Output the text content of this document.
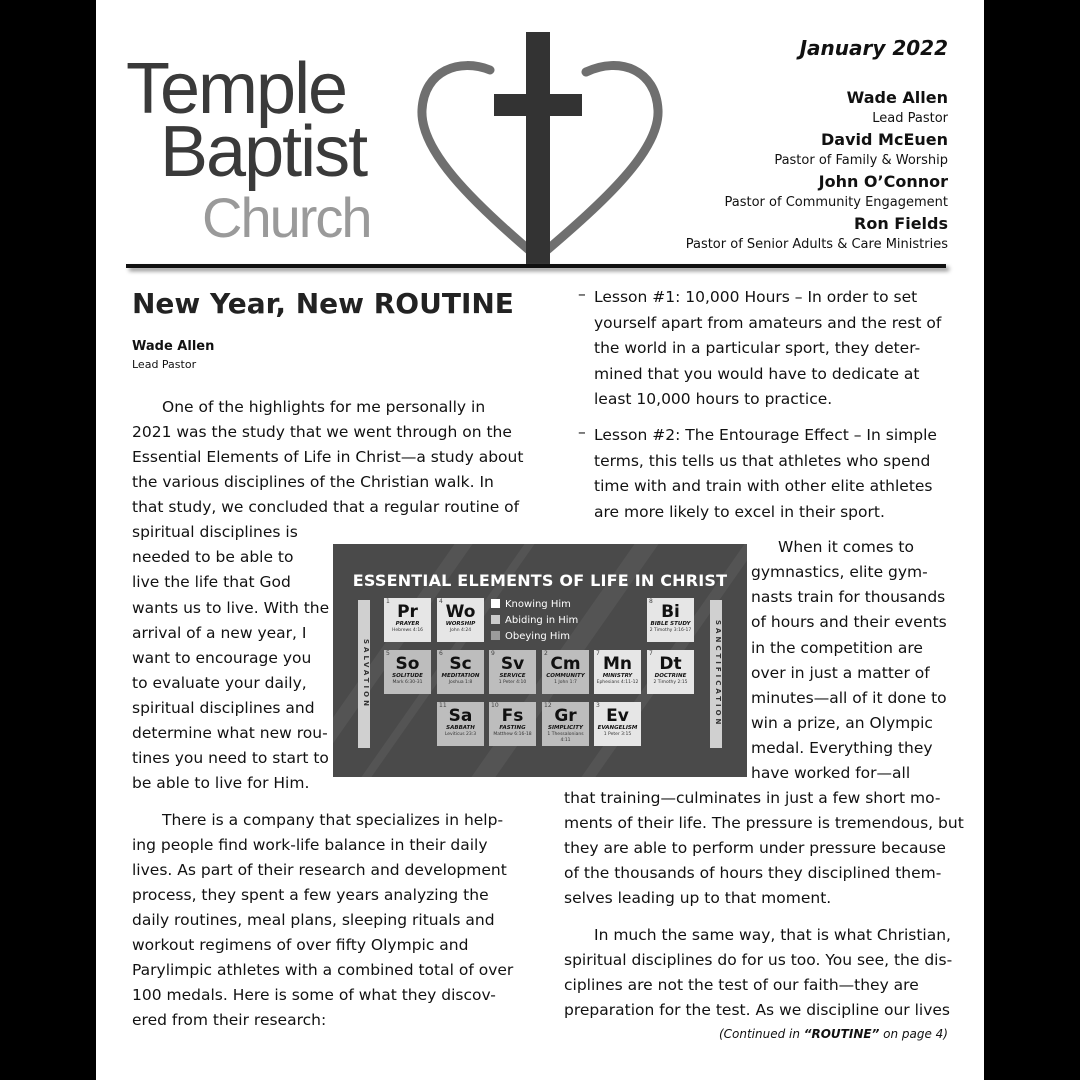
Temple
Baptist
Church
January 2022
Wade Allen
Lead Pastor
David McEuen
Pastor of Family & Worship
John O’Connor
Pastor of Community Engagement
Ron Fields
Pastor of Senior Adults & Care Ministries
New Year, New ROUTINE
Wade Allen
Lead Pastor
One of the highlights for me personally in
2021 was the study that we went through on the
Essential Elements of Life in Christ—a study about
the various disciplines of the Christian walk. In
that study, we concluded that a regular routine of
spiritual disciplines is
needed to be able to
live the life that God
wants us to live. With the
arrival of a new year, I
want to encourage you
to evaluate your daily,
spiritual disciplines and
determine what new rou-
tines you need to start to
be able to live for Him.
There is a company that specializes in help-
ing people find work-life balance in their daily
lives. As part of their research and development
process, they spent a few years analyzing the
daily routines, meal plans, sleeping rituals and
workout regimens of over fifty Olympic and
Parylimpic athletes with a combined total of over
100 medals. Here is some of what they discov-
ered from their research:
– Lesson #1: 10,000 Hours – In order to set
yourself apart from amateurs and the rest of
the world in a particular sport, they deter-
mined that you would have to dedicate at
least 10,000 hours to practice.
– Lesson #2: The Entourage Effect – In simple
terms, this tells us that athletes who spend
time with and train with other elite athletes
are more likely to excel in their sport.
When it comes to
gymnastics, elite gym-
nasts train for thousands
of hours and their events
in the competition are
over in just a matter of
minutes—all of it done to
win a prize, an Olympic
medal. Everything they
have worked for—all
that training—culminates in just a few short mo-
ments of their life. The pressure is tremendous, but
they are able to perform under pressure because
of the thousands of hours they disciplined them-
selves leading up to that moment.
In much the same way, that is what Christian,
spiritual disciplines do for us too. You see, the dis-
ciplines are not the test of our faith—they are
preparation for the test. As we discipline our lives
(Continued in “ROUTINE” on page 4)
ESSENTIAL ELEMENTS OF LIFE IN CHRIST
SALVATION	SANCTIFICATION
Knowing Him
Abiding in Him
Obeying Him
1
Pr
PRAYER
Hebrews 4:16
4
Wo
WORSHIP
John 4:24
8
Bi
BIBLE STUDY
2 Timothy 3:16-17
5
So
SOLITUDE
Mark 6:30-31
6
Sc
MEDITATION
Joshua 1:8
9
Sv
SERVICE
1 Peter 4:10
2
Cm
COMMUNITY
1 John 1:7
7
Mn
MINISTRY
Ephesians 4:11-12
7
Dt
DOCTRINE
2 Timothy 2:15
11
Sa
SABBATH
Leviticus 23:3
10
Fs
FASTING
Matthew 6:16-18
12
Gr
SIMPLICITY
1 Thessalonians 4:11
3
Ev
EVANGELISM
1 Peter 3:15
